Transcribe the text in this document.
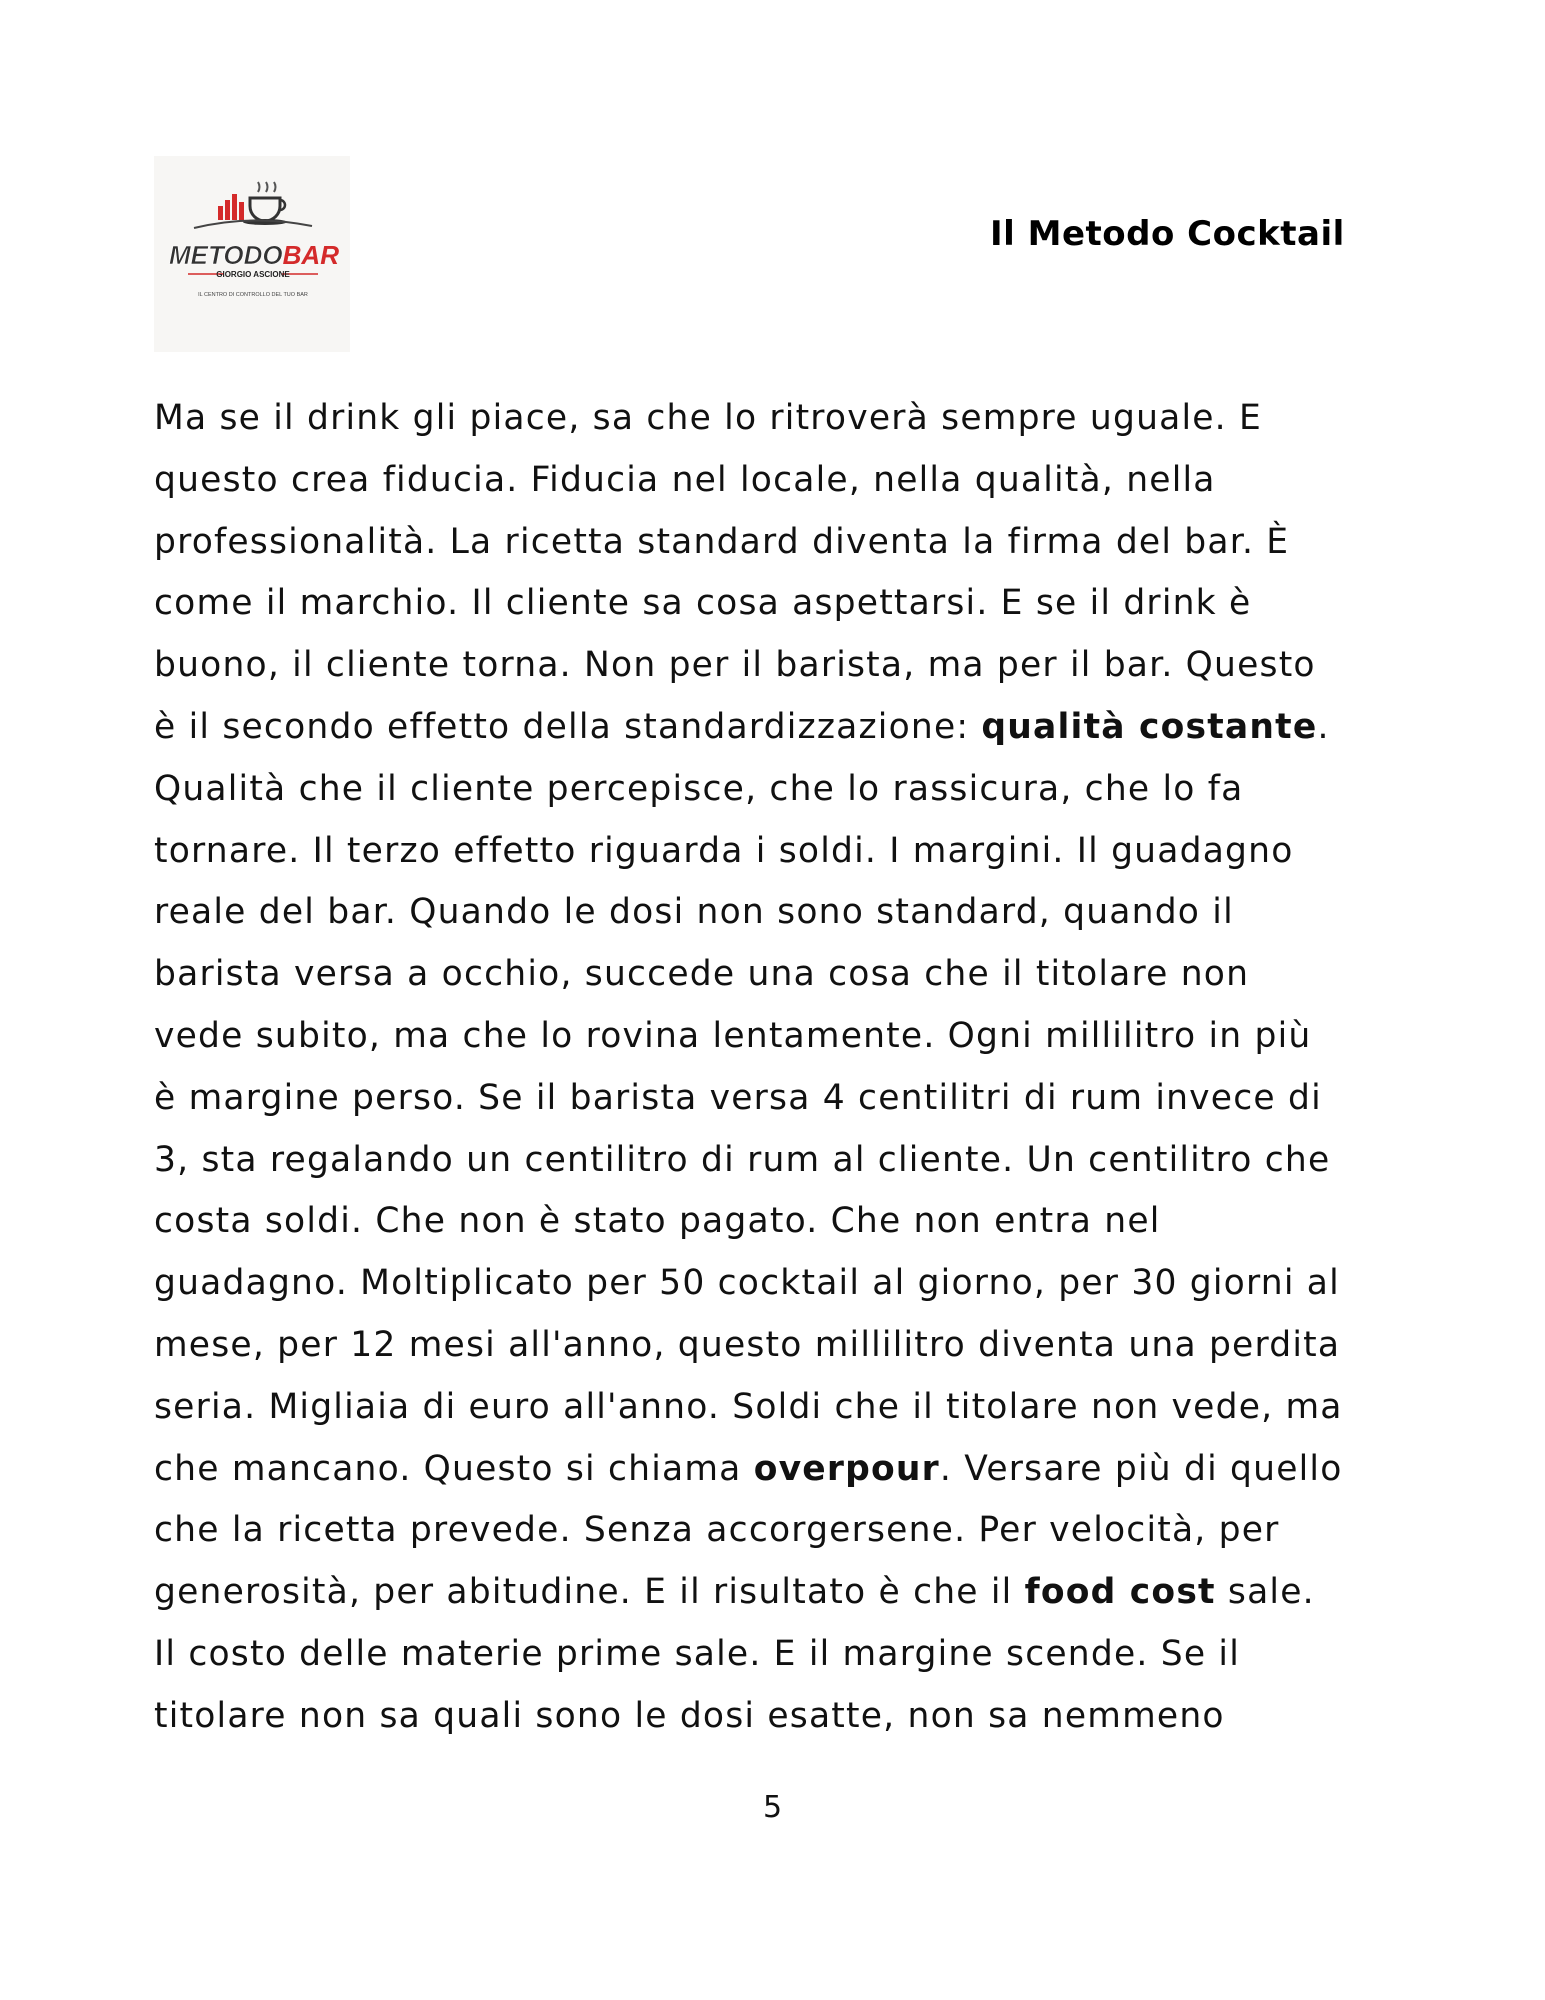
METODOBAR
GIORGIO ASCIONE
IL CENTRO DI CONTROLLO DEL TUO BAR
Il Metodo Cocktail
Ma se il drink gli piace, sa che lo ritroverà sempre uguale. E
questo crea fiducia. Fiducia nel locale, nella qualità, nella
professionalità. La ricetta standard diventa la firma del bar. È
come il marchio. Il cliente sa cosa aspettarsi. E se il drink è
buono, il cliente torna. Non per il barista, ma per il bar. Questo
è il secondo effetto della standardizzazione: qualità costante.
Qualità che il cliente percepisce, che lo rassicura, che lo fa
tornare. Il terzo effetto riguarda i soldi. I margini. Il guadagno
reale del bar. Quando le dosi non sono standard, quando il
barista versa a occhio, succede una cosa che il titolare non
vede subito, ma che lo rovina lentamente. Ogni millilitro in più
è margine perso. Se il barista versa 4 centilitri di rum invece di
3, sta regalando un centilitro di rum al cliente. Un centilitro che
costa soldi. Che non è stato pagato. Che non entra nel
guadagno. Moltiplicato per 50 cocktail al giorno, per 30 giorni al
mese, per 12 mesi all'anno, questo millilitro diventa una perdita
seria. Migliaia di euro all'anno. Soldi che il titolare non vede, ma
che mancano. Questo si chiama overpour. Versare più di quello
che la ricetta prevede. Senza accorgersene. Per velocità, per
generosità, per abitudine. E il risultato è che il food cost sale.
Il costo delle materie prime sale. E il margine scende. Se il
titolare non sa quali sono le dosi esatte, non sa nemmeno
5
